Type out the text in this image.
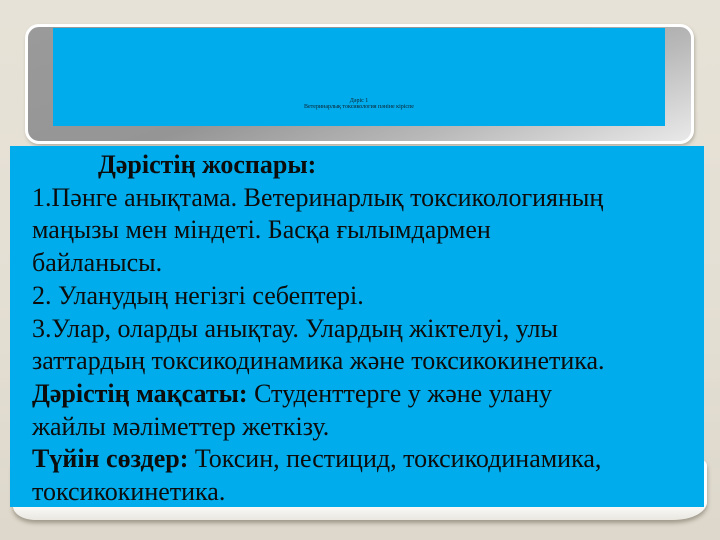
Дәріс 1
Ветеринарлық токсикология пәніне кіріспе
Дәрістің жоспары:
1.Пәнге анықтама. Ветеринарлық токсикологияның
маңызы мен міндеті. Басқа ғылымдармен
байланысы.
2. Уланудың негізгі себептері.
3.Улар, оларды анықтау. Улардың жіктелуі, улы
заттардың токсикодинамика және токсикокинетика.
Дәрістің мақсаты: Студенттерге у және улану
жайлы мәліметтер жеткізу.
Түйін сөздер: Токсин, пестицид, токсикодинамика,
токсикокинетика.
